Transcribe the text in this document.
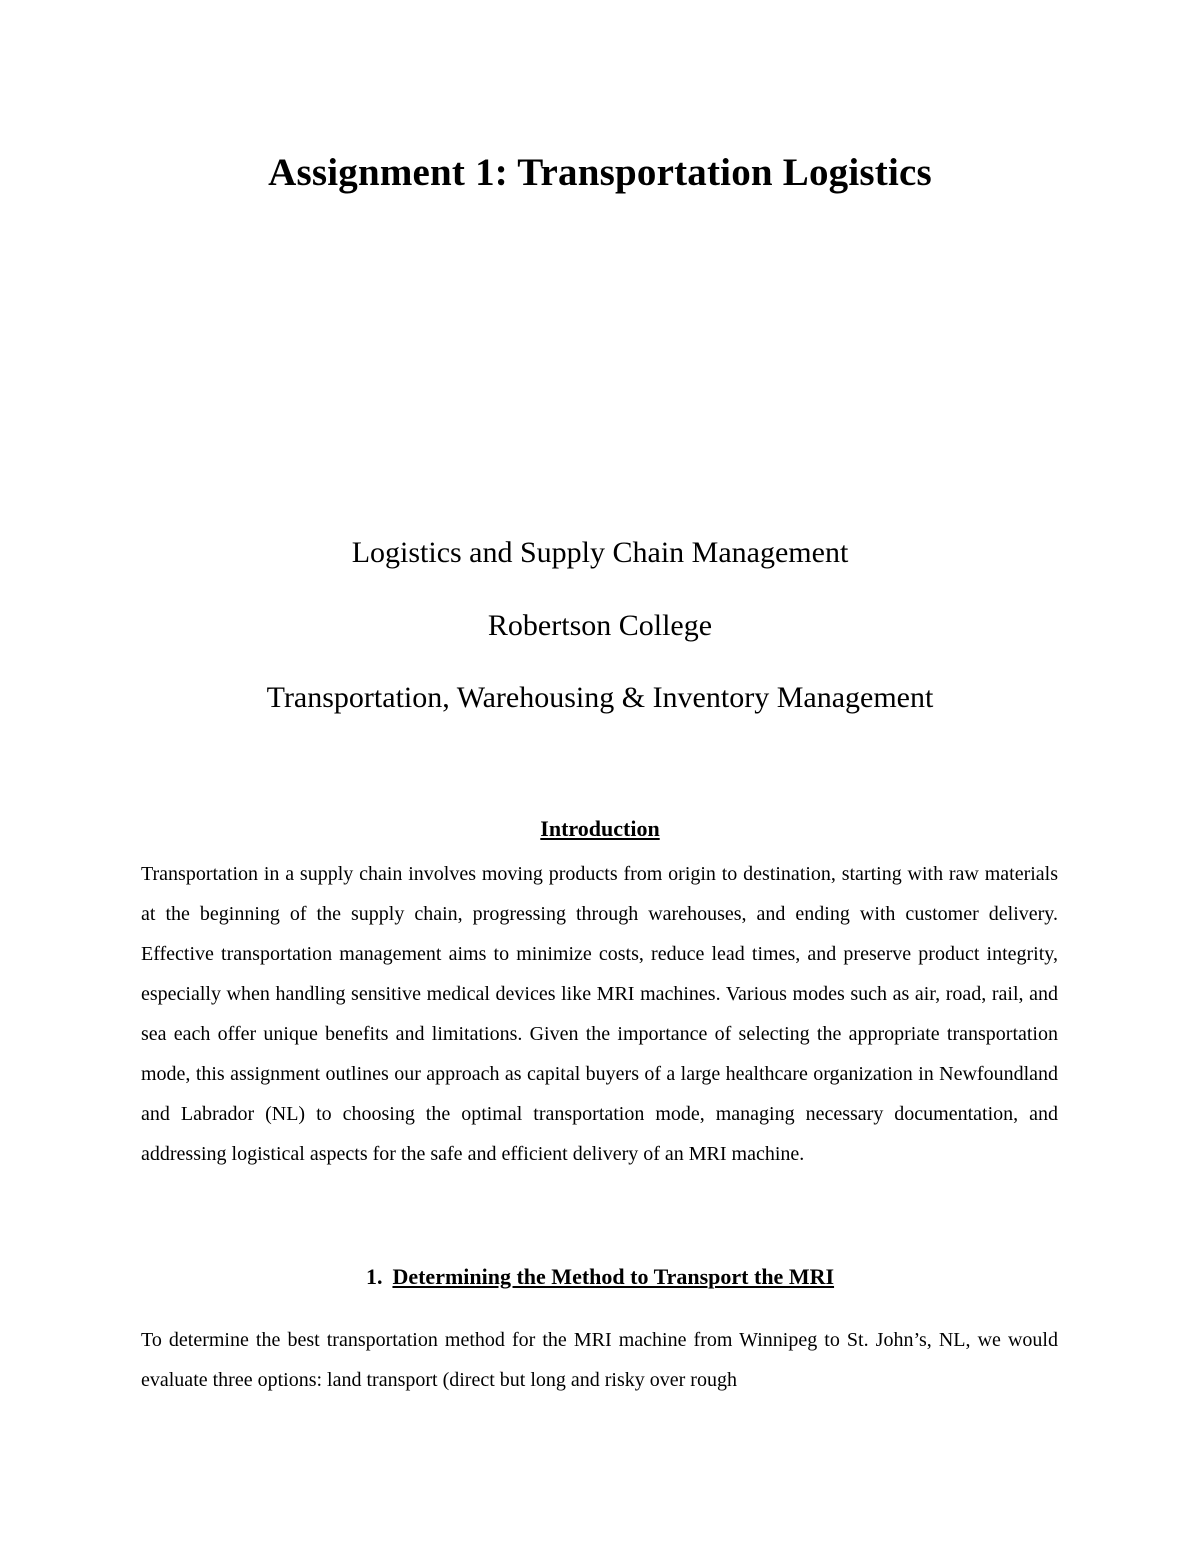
Assignment 1: Transportation Logistics

Logistics and Supply Chain Management

Robertson College

Transportation, Warehousing & Inventory Management

Introduction

Transportation in a supply chain involves moving products from origin to destination, starting with raw materials at the beginning of the supply chain, progressing through warehouses, and ending with customer delivery. Effective transportation management aims to minimize costs, reduce lead times, and preserve product integrity, especially when handling sensitive medical devices like MRI machines. Various modes such as air, road, rail, and sea each offer unique benefits and limitations. Given the importance of selecting the appropriate transportation mode, this assignment outlines our approach as capital buyers of a large healthcare organization in Newfoundland and Labrador (NL) to choosing the optimal transportation mode, managing necessary documentation, and addressing logistical aspects for the safe and efficient delivery of an MRI machine.

1. Determining the Method to Transport the MRI

To determine the best transportation method for the MRI machine from Winnipeg to St. John’s, NL, we would evaluate three options: land transport (direct but long and risky over rough
